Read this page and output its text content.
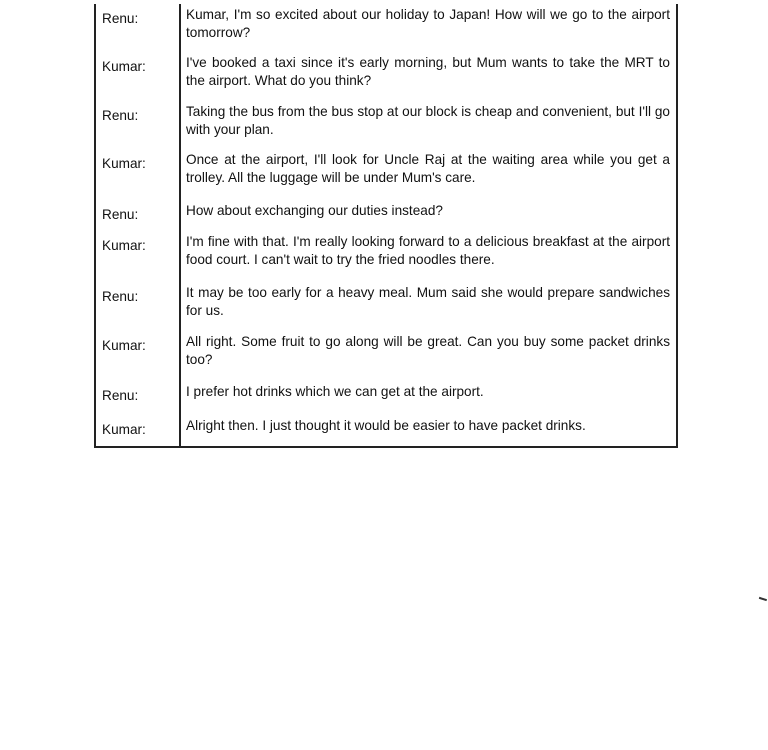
Renu:	Kumar, I'm so excited about our holiday to Japan! How will we go to the airport tomorrow?
Kumar:	I've booked a taxi since it's early morning, but Mum wants to take the MRT to the airport. What do you think?
Renu:	Taking the bus from the bus stop at our block is cheap and convenient, but I'll go with your plan.
Kumar:	Once at the airport, I'll look for Uncle Raj at the waiting area while you get a trolley. All the luggage will be under Mum's care.
Renu:	How about exchanging our duties instead?
Kumar:	I'm fine with that. I'm really looking forward to a delicious breakfast at the airport food court. I can't wait to try the fried noodles there.
Renu:	It may be too early for a heavy meal. Mum said she would prepare sandwiches for us.
Kumar:	All right. Some fruit to go along will be great. Can you buy some packet drinks too?
Renu:	I prefer hot drinks which we can get at the airport.
Kumar:	Alright then. I just thought it would be easier to have packet drinks.
